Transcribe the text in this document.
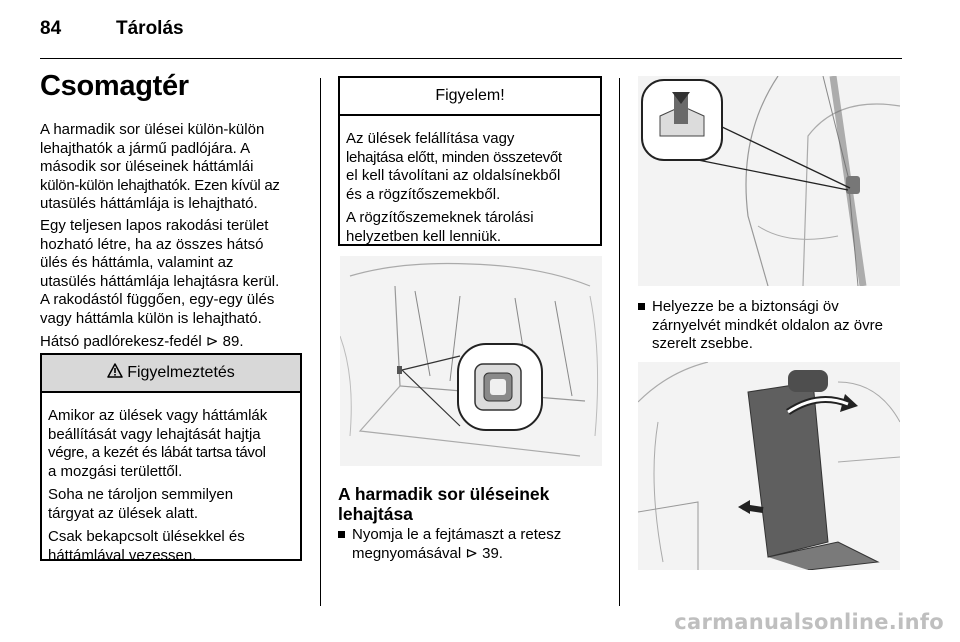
84	Tárolás
Csomagtér
A harmadik sor ülései külön-külön
lehajthatók a jármű padlójára. A
második sor üléseinek háttámlái
külön-külön lehajthatók. Ezen kívül az
utasülés háttámlája is lehajtható.
Egy teljesen lapos rakodási terület
hozható létre, ha az összes hátsó
ülés és háttámla, valamint az
utasülés háttámlája lehajtásra kerül.
A rakodástól függően, egy-egy ülés
vagy háttámla külön is lehajtható.
Hátsó padlórekesz-fedél ⊳ 89.
Figyelmeztetés
Amikor az ülések vagy háttámlák
beállítását vagy lehajtását hajtja
végre, a kezét és lábát tartsa távol
a mozgási területtől.
Soha ne tároljon semmilyen
tárgyat az ülések alatt.
Csak bekapcsolt ülésekkel és
háttámlával vezessen.
Figyelem!
Az ülések felállítása vagy
lehajtása előtt, minden összetevőt
el kell távolítani az oldalsínekből
és a rögzítőszemekből.
A rögzítőszemeknek tárolási
helyzetben kell lenniük.
A harmadik sor üléseinek
lehajtása
Nyomja le a fejtámaszt a retesz
megnyomásával ⊳ 39.
Helyezze be a biztonsági öv
zárnyelvét mindkét oldalon az övre
szerelt zsebbe.
carmanualsonline.info
